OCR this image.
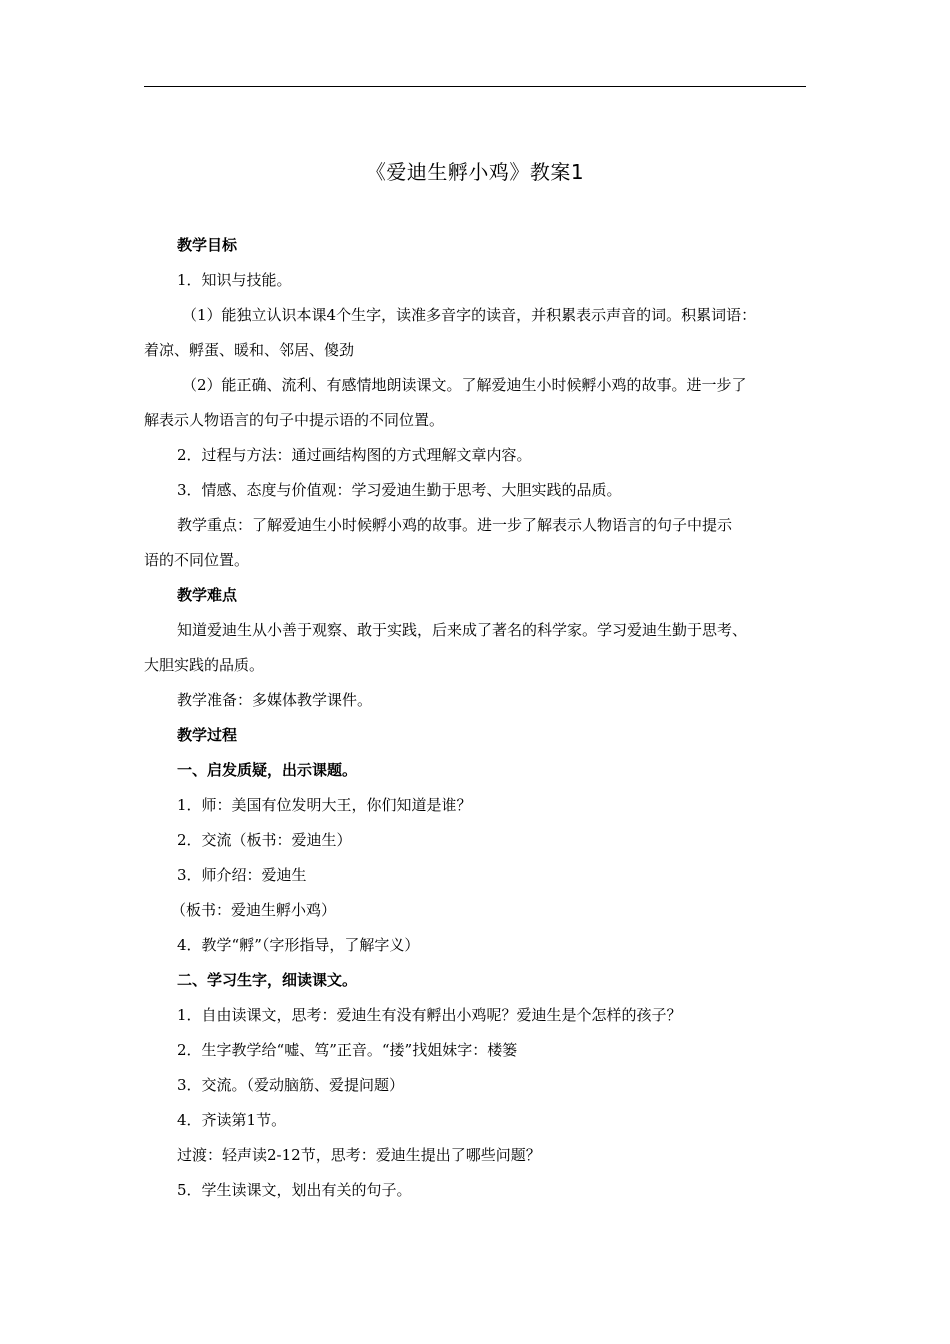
《爱迪生孵小鸡》教案1

教学目标

1．知识与技能。

（1）能独立认识本课4个生字，读准多音字的读音，并积累表示声音的词。积累词语：

着凉、孵蛋、暖和、邻居、傻劲

（2）能正确、流利、有感情地朗读课文。了解爱迪生小时候孵小鸡的故事。进一步了

解表示人物语言的句子中提示语的不同位置。

2．过程与方法：通过画结构图的方式理解文章内容。

3．情感、态度与价值观：学习爱迪生勤于思考、大胆实践的品质。

教学重点：了解爱迪生小时候孵小鸡的故事。进一步了解表示人物语言的句子中提示

语的不同位置。

教学难点

知道爱迪生从小善于观察、敢于实践，后来成了著名的科学家。学习爱迪生勤于思考、

大胆实践的品质。

教学准备：多媒体教学课件。

教学过程

一、启发质疑，出示课题。

1．师：美国有位发明大王，你们知道是谁？

2．交流（板书：爱迪生）

3．师介绍：爱迪生

（板书：爱迪生孵小鸡）

4．教学“孵”（字形指导，了解字义）

二、学习生字，细读课文。

1．自由读课文，思考：爱迪生有没有孵出小鸡呢？爱迪生是个怎样的孩子？

2．生字教学给“嘘、笃”正音。“搂”找姐妹字：楼篓

3．交流。（爱动脑筋、爱提问题）

4．齐读第1节。

过渡：轻声读2-12节，思考：爱迪生提出了哪些问题？

5．学生读课文，划出有关的句子。
